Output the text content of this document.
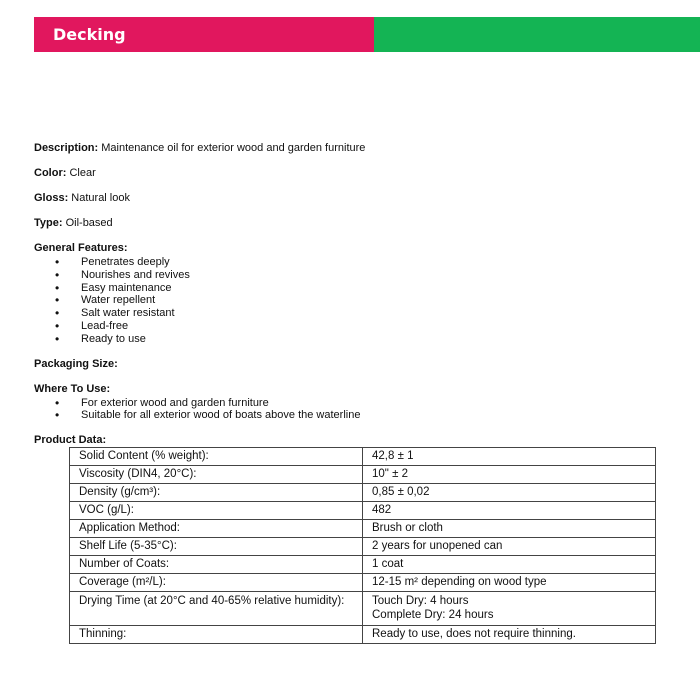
Decking

Description: Maintenance oil for exterior wood and garden furniture

Color: Clear

Gloss: Natural look

Type: Oil-based

General Features:

• Penetrates deeply
• Nourishes and revives
• Easy maintenance
• Water repellent
• Salt water resistant
• Lead-free
• Ready to use

Packaging Size:

Where To Use:

• For exterior wood and garden furniture
• Suitable for all exterior wood of boats above the waterline

Product Data:

Solid Content (% weight):	42,8 ± 1
Viscosity (DIN4, 20°C):	10" ± 2
Density (g/cm³):	0,85 ± 0,02
VOC (g/L):	482
Application Method:	Brush or cloth
Shelf Life (5-35°C):	2 years for unopened can
Number of Coats:	1 coat
Coverage (m²/L):	12-15 m² depending on wood type
Drying Time (at 20°C and 40-65% relative humidity):	Touch Dry: 4 hours
Complete Dry: 24 hours

Thinning:	Ready to use, does not require thinning.
